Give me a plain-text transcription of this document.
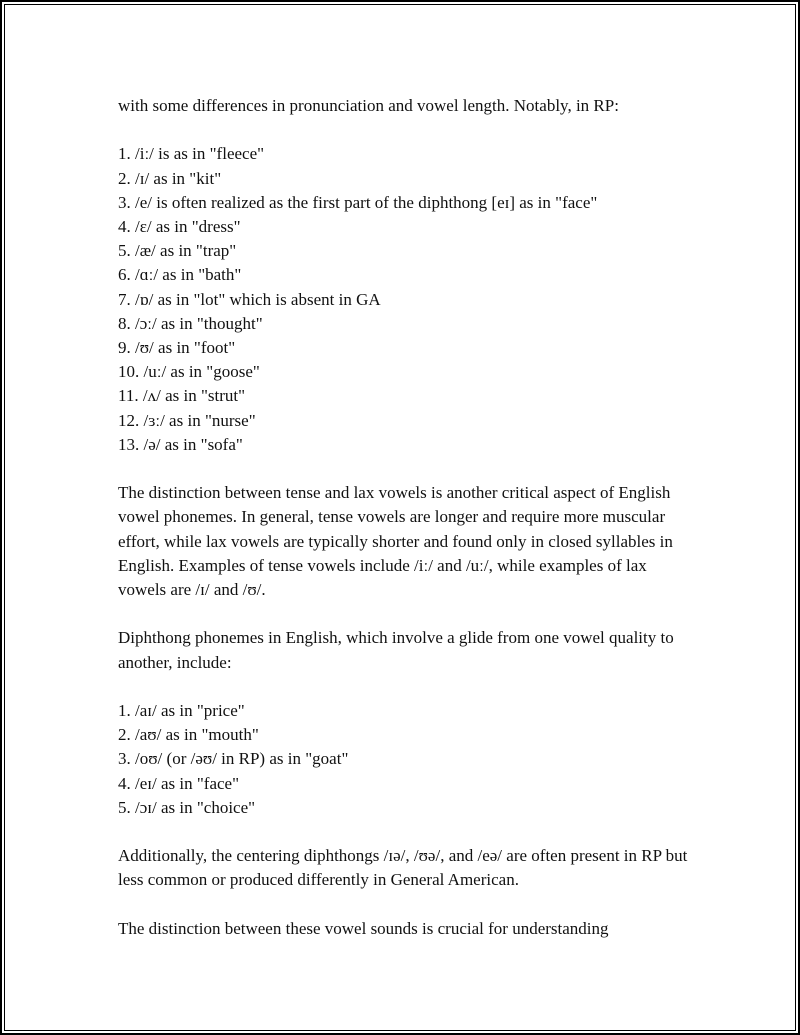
with some differences in pronunciation and vowel length. Notably, in RP:

1. /iː/ is as in "fleece"
2. /ɪ/ as in "kit"
3. /e/ is often realized as the first part of the diphthong [eɪ] as in "face"
4. /ɛ/ as in "dress"
5. /æ/ as in "trap"
6. /ɑː/ as in "bath"
7. /ɒ/ as in "lot" which is absent in GA
8. /ɔː/ as in "thought"
9. /ʊ/ as in "foot"
10. /uː/ as in "goose"
11. /ʌ/ as in "strut"
12. /ɜː/ as in "nurse"
13. /ə/ as in "sofa"

The distinction between tense and lax vowels is another critical aspect of English vowel phonemes. In general, tense vowels are longer and require more muscular effort, while lax vowels are typically shorter and found only in closed syllables in English. Examples of tense vowels include /iː/ and /uː/, while examples of lax vowels are /ɪ/ and /ʊ/.

Diphthong phonemes in English, which involve a glide from one vowel quality to another, include:

1. /aɪ/ as in "price"
2. /aʊ/ as in "mouth"
3. /oʊ/ (or /əʊ/ in RP) as in "goat"
4. /eɪ/ as in "face"
5. /ɔɪ/ as in "choice"

Additionally, the centering diphthongs /ɪə/, /ʊə/, and /eə/ are often present in RP but less common or produced differently in General American.

The distinction between these vowel sounds is crucial for understanding
